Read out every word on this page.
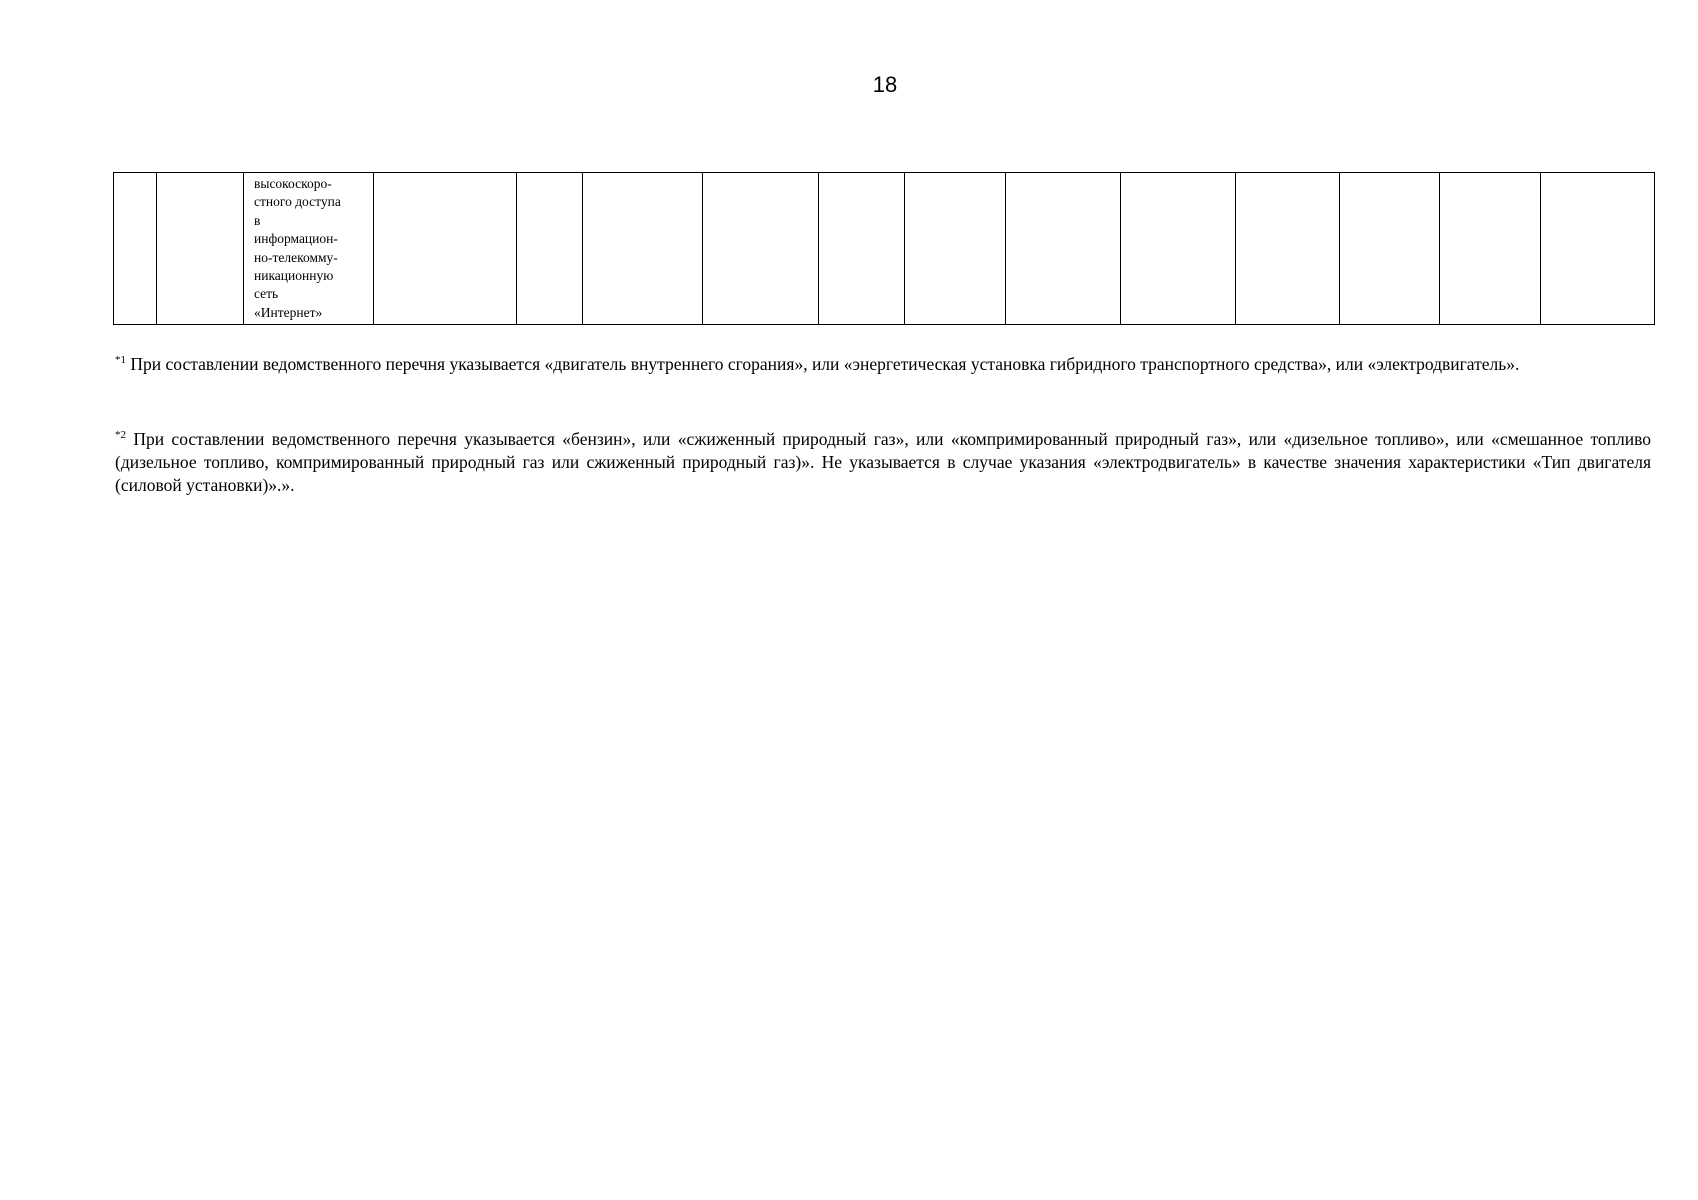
18

высокоскоро-
стного доступа
в
информацион-
но-телекомму-
никационную
сеть
«Интернет»

$^{*1}$ При составлении ведомственного перечня указывается «двигатель внутреннего сгорания», или «энергетическая установка гибридного транспортного средства», или «электродвигатель».
$^{*2}$ При составлении ведомственного перечня указывается «бензин», или «сжиженный природный газ», или «компримированный природный газ», или «дизельное топливо», или «смешанное топливо (дизельное топливо, компримированный природный газ или сжиженный природный газ)». Не указывается в случае указания «электродвигатель» в качестве значения характеристики «Тип двигателя (силовой установки)».».
